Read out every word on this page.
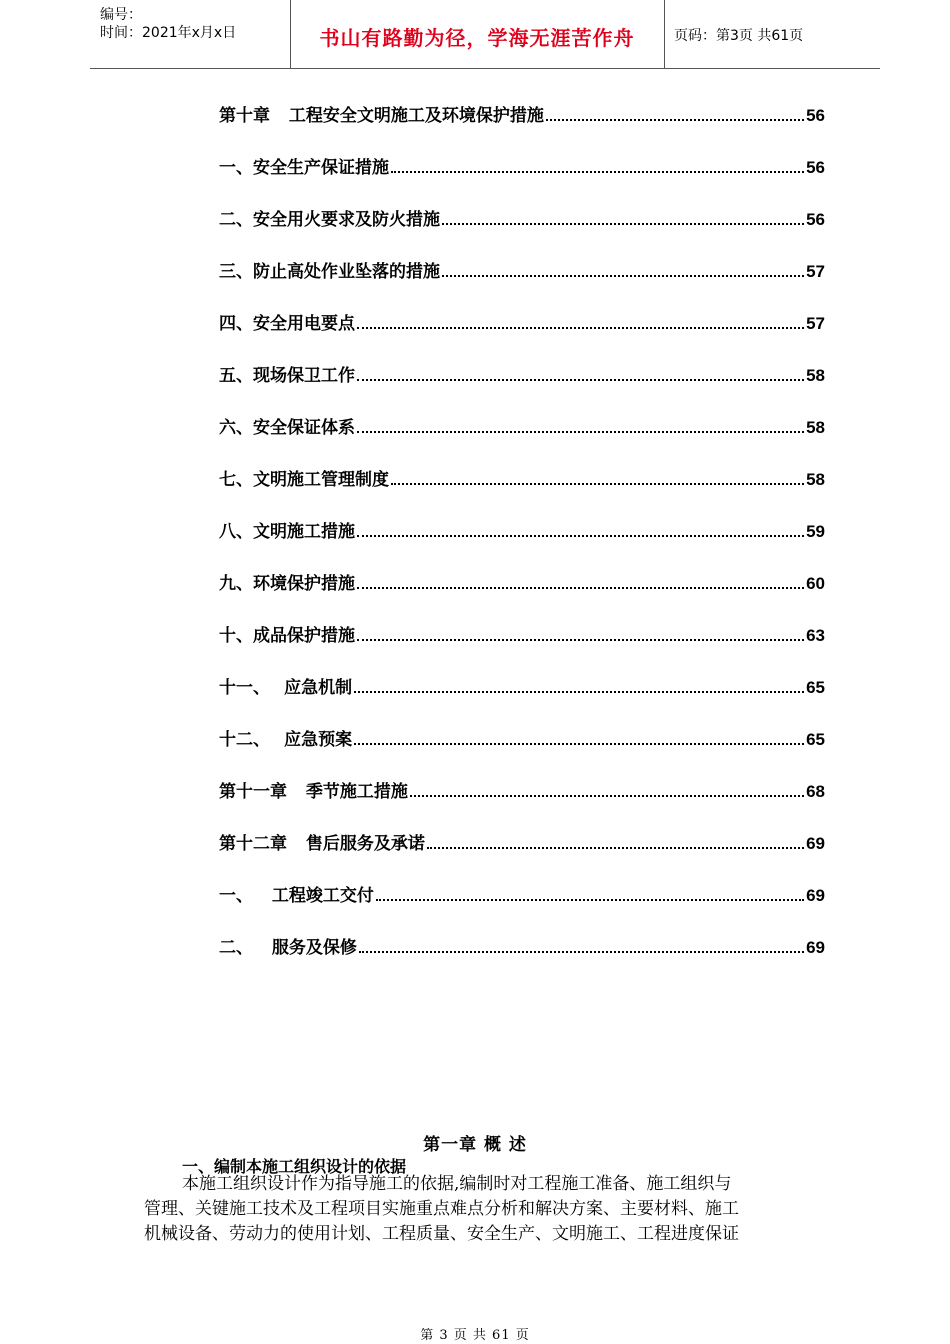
编号：
时间：2021年x月x日	书山有路勤为径，学海无涯苦作舟	页码：第3页 共61页
第十章    工程安全文明施工及环境保护措施	56
一、安全生产保证措施	56
二、安全用火要求及防火措施	56
三、防止高处作业坠落的措施	57
四、安全用电要点	57
五、现场保卫工作	58
六、安全保证体系	58
七、文明施工管理制度	58
八、文明施工措施	59
九、环境保护措施	60
十、成品保护措施	63
十一、   应急机制	65
十二、   应急预案	65
第十一章    季节施工措施	68
第十二章    售后服务及承诺	69
一、    工程竣工交付	69
二、    服务及保修	69
第一章 概 述
一、编制本施工组织设计的依据
本施工组织设计作为指导施工的依据,编制时对工程施工准备、施工组织与
管理、关键施工技术及工程项目实施重点难点分析和解决方案、主要材料、施工
机械设备、劳动力的使用计划、工程质量、安全生产、文明施工、工程进度保证
第 3 页 共 61 页
